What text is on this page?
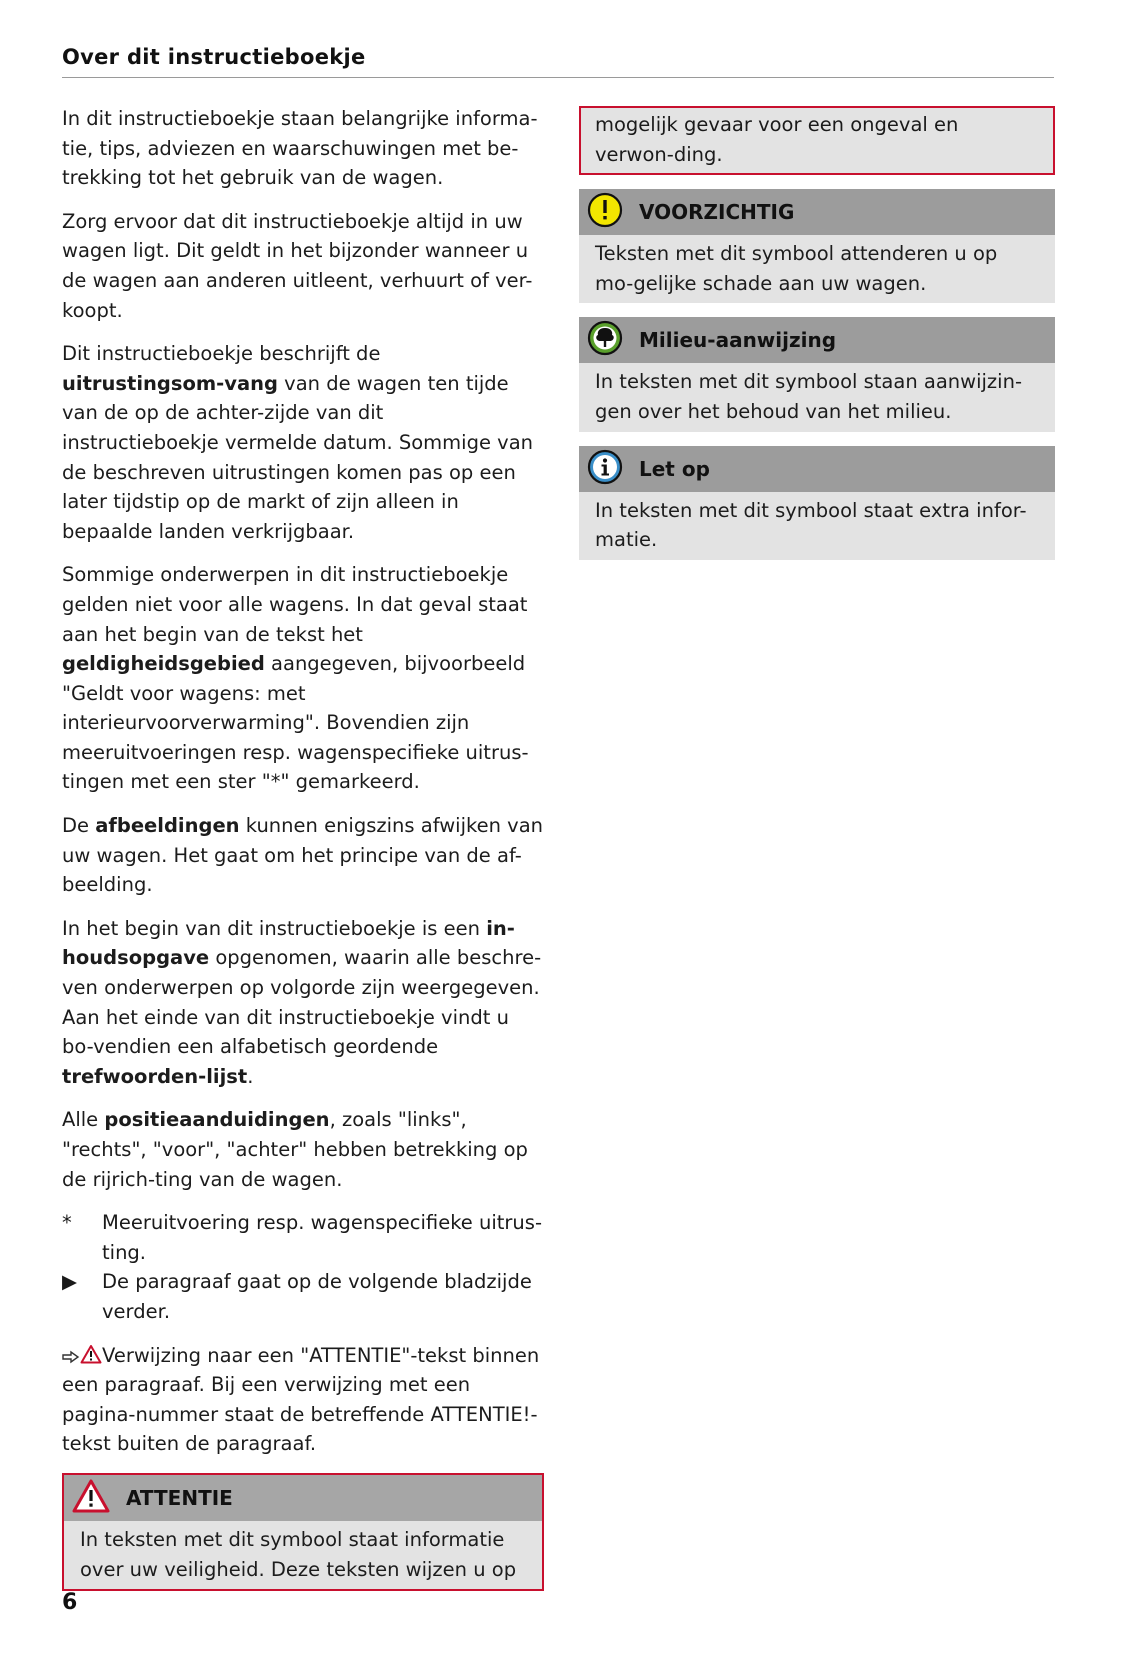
Over dit instructieboekje

In dit instructieboekje staan belangrijke informa-tie, tips, adviezen en waarschuwingen met be-trekking tot het gebruik van de wagen.

Zorg ervoor dat dit instructieboekje altijd in uw wagen ligt. Dit geldt in het bijzonder wanneer u de wagen aan anderen uitleent, verhuurt of ver-koopt.

Dit instructieboekje beschrijft de uitrustingsom-vang van de wagen ten tijde van de op de achter-zijde van dit instructieboekje vermelde datum. Sommige van de beschreven uitrustingen komen pas op een later tijdstip op de markt of zijn alleen in bepaalde landen verkrijgbaar.

Sommige onderwerpen in dit instructieboekje gelden niet voor alle wagens. In dat geval staat aan het begin van de tekst het geldigheidsgebied aangegeven, bijvoorbeeld "Geldt voor wagens: met interieurvoorverwarming". Bovendien zijn meeruitvoeringen resp. wagenspecifieke uitrus-tingen met een ster "*" gemarkeerd.

De afbeeldingen kunnen enigszins afwijken van uw wagen. Het gaat om het principe van de af-beelding.

In het begin van dit instructieboekje is een in-houdsopgave opgenomen, waarin alle beschre-ven onderwerpen op volgorde zijn weergegeven. Aan het einde van dit instructieboekje vindt u bo-vendien een alfabetisch geordende trefwoorden-lijst.

Alle positieaanduidingen, zoals "links", "rechts", "voor", "achter" hebben betrekking op de rijrich-ting van de wagen.

*	Meeruitvoering resp. wagenspecifieke uitrus-ting.
▶	De paragraaf gaat op de volgende bladzijde verder.

Verwijzing naar een "ATTENTIE"-tekst binnen een paragraaf. Bij een verwijzing met een pagina-nummer staat de betreffende ATTENTIE!-tekst buiten de paragraaf.

ATTENTIE
In teksten met dit symbool staat informatie over uw veiligheid. Deze teksten wijzen u op
mogelijk gevaar voor een ongeval en verwon-ding.
VOORZICHTIG
Teksten met dit symbool attenderen u op mo-gelijke schade aan uw wagen.
Milieu-aanwijzing
In teksten met dit symbool staan aanwijzin-gen over het behoud van het milieu.
Let op
In teksten met dit symbool staat extra infor-matie.
6
